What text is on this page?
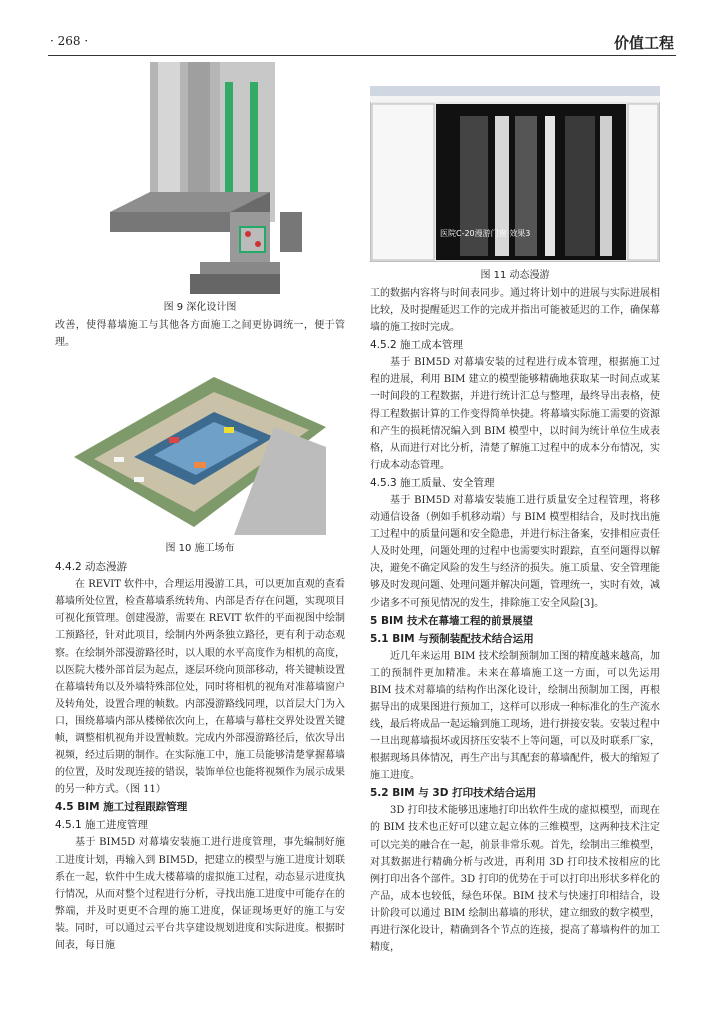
· 268 ·	价值工程
图 9 深化设计图

改善，使得幕墙施工与其他各方面施工之间更协调统一，便于管理。

图 10 施工场布

4.4.2 动态漫游

在 REVIT 软件中，合理运用漫游工具，可以更加直观的查看幕墙所处位置，检查幕墙系统转角、内部是否存在问题，实现项目可视化预管理。创建漫游，需要在 REVIT 软件的平面视图中绘制工预路径，针对此项目，绘制内外两条独立路径，更有利于动态观察。在绘制外部漫游路径时，以人眼的水平高度作为相机的高度，以医院大楼外部首层为起点，逐层环绕向顶部移动，将关键帧设置在幕墙转角以及外墙特殊部位处，同时将相机的视角对准幕墙窗户及转角处，设置合理的帧数。内部漫游路线同理，以首层大门为入口，围绕幕墙内部从楼梯依次向上，在幕墙与幕柱交界处设置关键帧，调整相机视角并设置帧数。完成内外部漫游路径后，依次导出视频，经过后期的制作。在实际施工中，施工员能够清楚掌握幕墙的位置，及时发现连接的错误，装饰单位也能将视频作为展示成果的另一种方式。（图 11）

4.5 BIM 施工过程跟踪管理

4.5.1 施工进度管理

基于 BIM5D 对幕墙安装施工进行进度管理，事先编制好施工进度计划，再输入到 BIM5D，把建立的模型与施工进度计划联系在一起，软件中生成大楼幕墙的虚拟施工过程，动态显示进度执行情况，从而对整个过程进行分析，寻找出施工进度中可能存在的弊端，并及时更更不合理的施工进度，保证现场更好的施工与安装。同时，可以通过云平台共享建设规划进度和实际进度。根据时间表，每日施

医院C-20漫游门窗 效果3
图 11 动态漫游

工的数据内容将与时间表同步。通过将计划中的进展与实际进展相比较，及时提醒延迟工作的完成并指出可能被延迟的工作，确保幕墙的施工按时完成。

4.5.2 施工成本管理

基于 BIM5D 对幕墙安装的过程进行成本管理，根据施工过程的进展，利用 BIM 建立的模型能够精确地获取某一时间点或某一时间段的工程数据，并进行统计汇总与整理，最终导出表格，使得工程数据计算的工作变得简单快捷。将幕墙实际施工需要的资源和产生的损耗情况编入到 BIM 模型中，以时间为统计单位生成表格，从而进行对比分析，清楚了解施工过程中的成本分布情况，实行成本动态管理。

4.5.3 施工质量、安全管理

基于 BIM5D 对幕墙安装施工进行质量安全过程管理，将移动通信设备（例如手机移动端）与 BIM 模型相结合，及时找出施工过程中的质量问题和安全隐患，并进行标注备案，安排相应责任人及时处理，问题处理的过程中也需要实时跟踪，直至问题得以解决，避免不确定风险的发生与经济的损失。施工质量、安全管理能够及时发现问题、处理问题并解决问题，管理统一，实时有效，减少诸多不可预见情况的发生，排除施工安全风险[3]。

5 BIM 技术在幕墙工程的前景展望

5.1 BIM 与预制装配技术结合运用

近几年来运用 BIM 技术绘制预制加工图的精度越来越高，加工的预制件更加精准。未来在幕墙施工这一方面，可以先运用 BIM 技术对幕墙的结构作出深化设计，绘制出预制加工图，再根据导出的成果图进行预加工，这样可以形成一种标准化的生产流水线，最后将成品一起运输到施工现场，进行拼接安装。安装过程中一旦出现幕墙损坏或因挤压安装不上等问题，可以及时联系厂家，根据现场具体情况，再生产出与其配套的幕墙配件，极大的缩短了施工进度。

5.2 BIM 与 3D 打印技术结合运用

3D 打印技术能够迅速地打印出软件生成的虚拟模型，而现在的 BIM 技术也正好可以建立起立体的三维模型，这两种技术注定可以完美的融合在一起，前景非常乐观。首先，绘制出三维模型，对其数据进行精确分析与改进，再利用 3D 打印技术按相应的比例打印出各个部件。3D 打印的优势在于可以打印出形状多样化的产品，成本也较低，绿色环保。BIM 技术与快速打印相结合，设计阶段可以通过 BIM 绘制出幕墙的形状，建立细致的数字模型，再进行深化设计，精确到各个节点的连接，提高了幕墙构件的加工精度，
